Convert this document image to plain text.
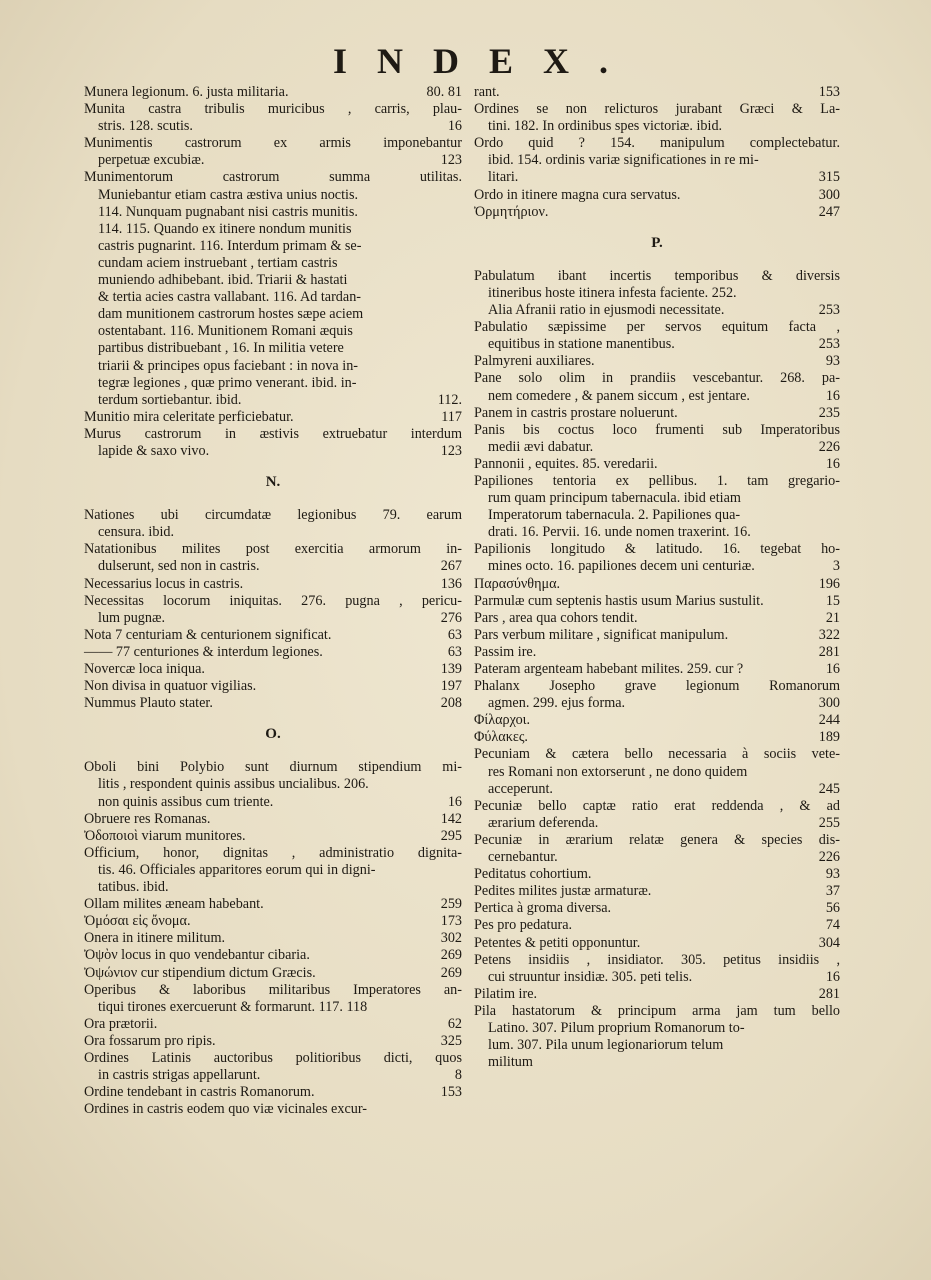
INDEX.
80. 81
Munera legionum. 6. justa militaria.
Munita castra tribulis muricibus , carris, plau-
16
stris. 128. scutis.
Munimentis castrorum ex armis imponebantur
123
perpetuæ excubiæ.
Munimentorum castrorum summa utilitas.
Muniebantur etiam castra æstiva unius noctis.
114. Nunquam pugnabant nisi castris munitis.
114. 115. Quando ex itinere nondum munitis
castris pugnarint. 116. Interdum primam & se-
cundam aciem instruebant , tertiam castris
muniendo adhibebant. ibid. Triarii & hastati
& tertia acies castra vallabant. 116. Ad tardan-
dam munitionem castrorum hostes sæpe aciem
ostentabant. 116. Munitionem Romani æquis
partibus distribuebant , 16. In militia vetere
triarii & principes opus faciebant : in nova in-
tegræ legiones , quæ primo venerant. ibid. in-
112.
terdum sortiebantur. ibid.
117
Munitio mira celeritate perficiebatur.
Murus castrorum in æstivis extruebatur interdum
123
lapide & saxo vivo.
N.
Nationes ubi circumdatæ legionibus 79. earum
censura. ibid.
Natationibus milites post exercitia armorum in-
267
dulserunt, sed non in castris.
136
Necessarius locus in castris.
Necessitas locorum iniquitas. 276. pugna , pericu-
276
lum pugnæ.
63
Nota 7 centuriam & centurionem significat.
63
—— 77 centuriones & interdum legiones.
139
Novercæ loca iniqua.
197
Non divisa in quatuor vigilias.
208
Nummus Plauto stater.
O.
Oboli bini Polybio sunt diurnum stipendium mi-
litis , respondent quinis assibus uncialibus. 206.
16
non quinis assibus cum triente.
142
Obruere res Romanas.
295
Ὀδοποιοὶ viarum munitores.
Officium, honor, dignitas , administratio dignita-
tis. 46. Officiales apparitores eorum qui in digni-
tatibus. ibid.
259
Ollam milites æneam habebant.
173
Ὀμόσαι εἰς ὄνομα.
302
Onera in itinere militum.
269
Ὀψὸν locus in quo vendebantur cibaria.
269
Ὀψώνιον cur stipendium dictum Græcis.
Operibus & laboribus militaribus Imperatores an-
tiqui tirones exercuerunt & formarunt. 117. 118
62
Ora prætorii.
325
Ora fossarum pro ripis.
Ordines Latinis auctoribus politioribus dicti, quos
8
in castris strigas appellarunt.
153
Ordine tendebant in castris Romanorum.
Ordines in castris eodem quo viæ vicinales excur-
153
rant.
Ordines se non relicturos jurabant Græci & La-
tini. 182. In ordinibus spes victoriæ. ibid.
Ordo quid ? 154. manipulum complectebatur.
ibid. 154. ordinis variæ significationes in re mi-
315
litari.
300
Ordo in itinere magna cura servatus.
247
Ὀρμητήριον.
P.
Pabulatum ibant incertis temporibus & diversis
itineribus hoste itinera infesta faciente. 252.
253
Alia Afranii ratio in ejusmodi necessitate.
Pabulatio sæpissime per servos equitum facta ,
253
equitibus in statione manentibus.
93
Palmyreni auxiliares.
Pane solo olim in prandiis vescebantur. 268. pa-
16
nem comedere , & panem siccum , est jentare.
235
Panem in castris prostare noluerunt.
Panis bis coctus loco frumenti sub Imperatoribus
226
medii ævi dabatur.
16
Pannonii , equites. 85. veredarii.
Papiliones tentoria ex pellibus. 1. tam gregario-
rum quam principum tabernacula. ibid etiam
Imperatorum tabernacula. 2. Papiliones qua-
drati. 16. Pervii. 16. unde nomen traxerint. 16.
Papilionis longitudo & latitudo. 16. tegebat ho-
3
mines octo. 16. papiliones decem uni centuriæ.
196
Παρασύνθημα.
15
Parmulæ cum septenis hastis usum Marius sustulit.
21
Pars , area qua cohors tendit.
322
Pars verbum militare , significat manipulum.
281
Passim ire.
16
Pateram argenteam habebant milites. 259. cur ?
Phalanx Josepho grave legionum Romanorum
300
agmen. 299. ejus forma.
244
Φίλαρχοι.
189
Φύλακες.
Pecuniam & cætera bello necessaria à sociis vete-
res Romani non extorserunt , ne dono quidem
245
acceperunt.
Pecuniæ bello captæ ratio erat reddenda , & ad
255
ærarium deferenda.
Pecuniæ in ærarium relatæ genera & species dis-
226
cernebantur.
93
Peditatus cohortium.
37
Pedites milites justæ armaturæ.
56
Pertica à groma diversa.
74
Pes pro pedatura.
304
Petentes & petiti opponuntur.
Petens insidiis , insidiator. 305. petitus insidiis ,
16
cui struuntur insidiæ. 305. peti telis.
281
Pilatim ire.
Pila hastatorum & principum arma jam tum bello
Latino. 307. Pilum proprium Romanorum to-
lum. 307. Pila unum legionariorum telum
militum
